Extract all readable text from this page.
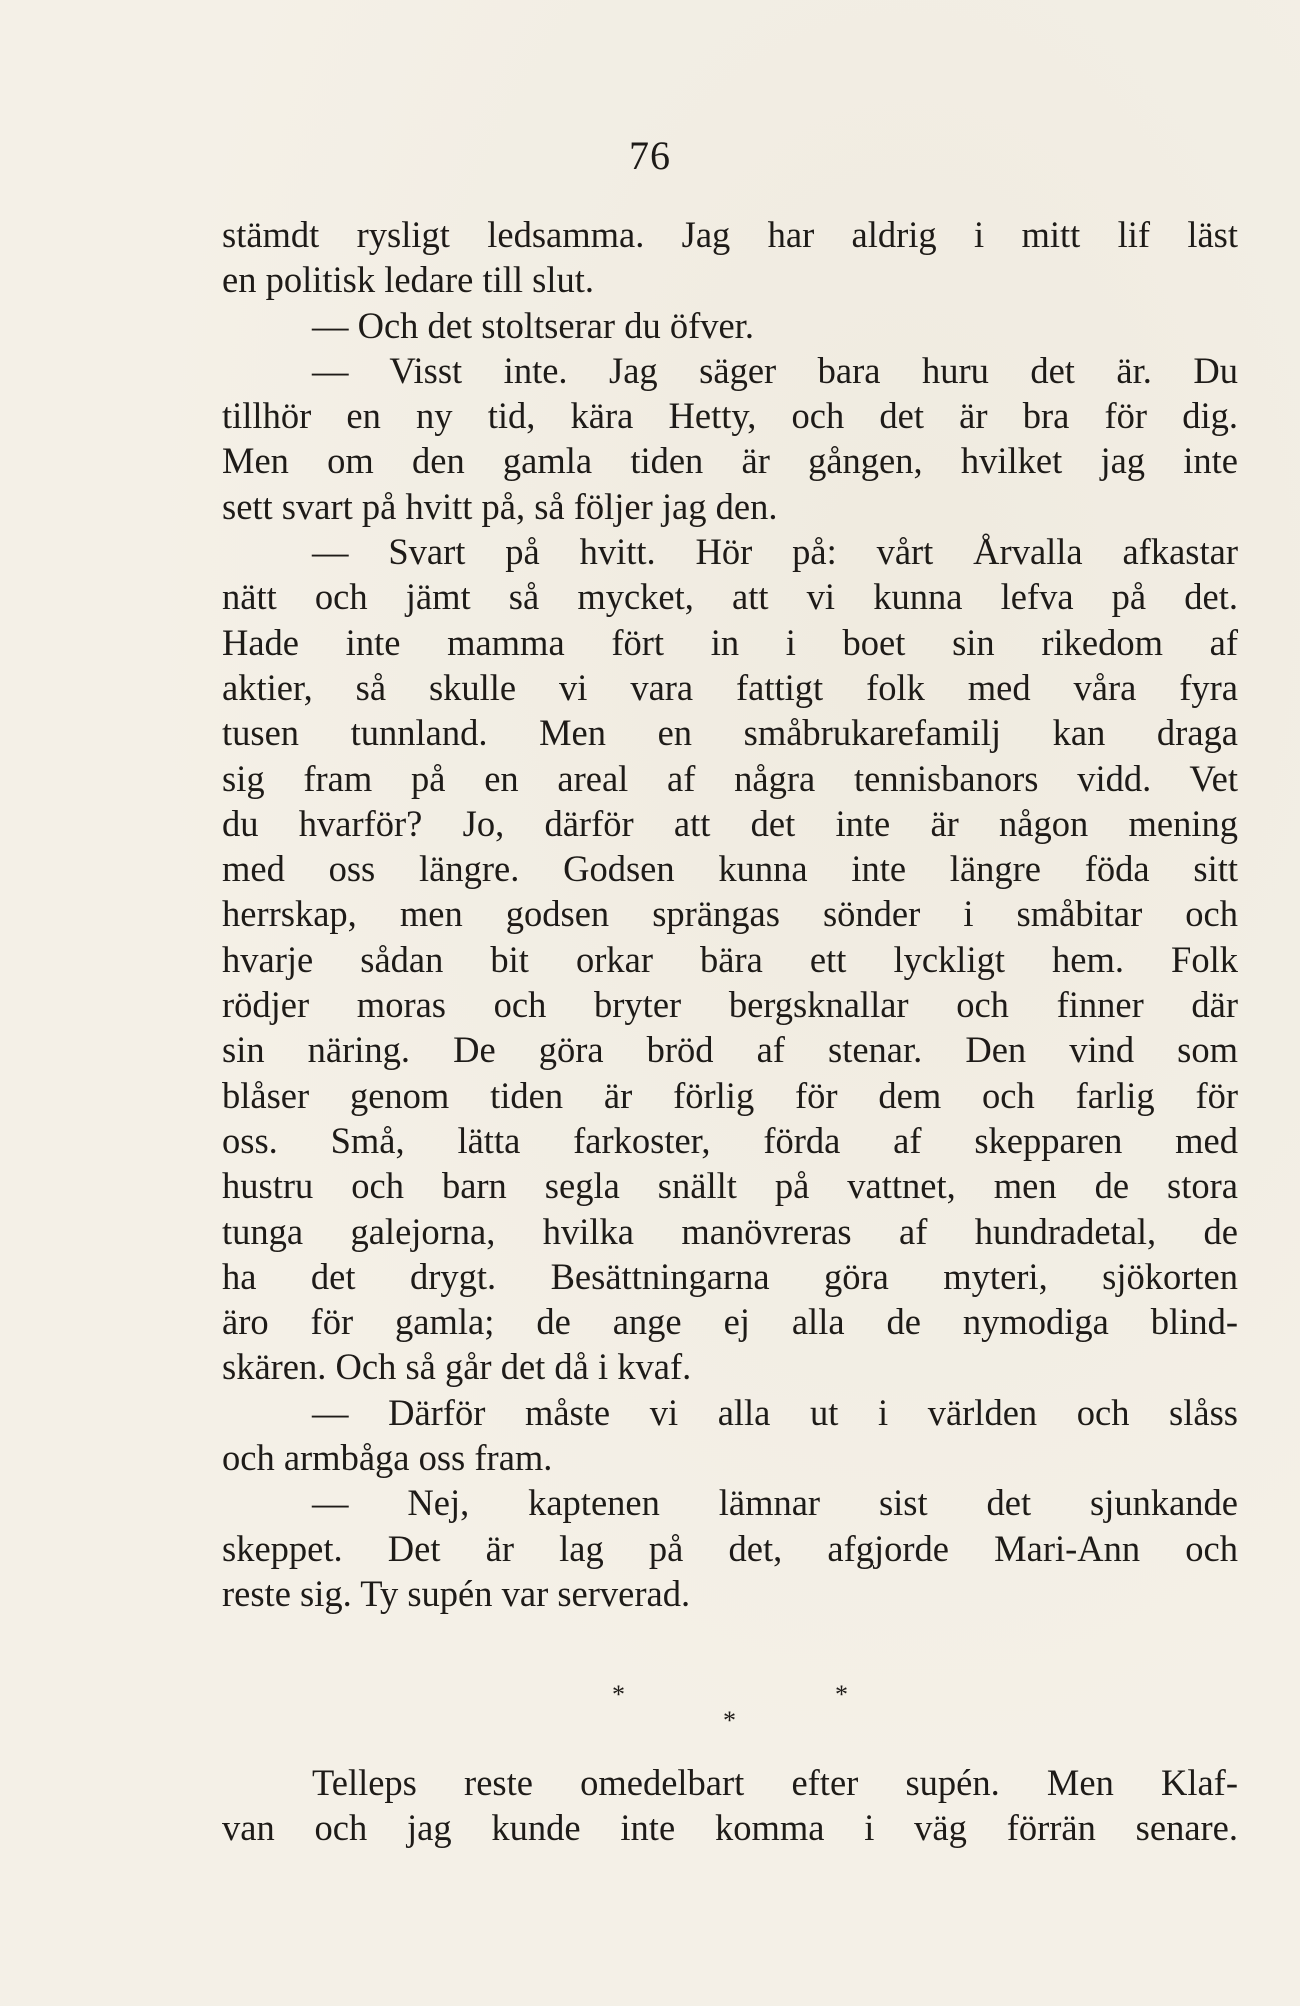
76
stämdt rysligt ledsamma. Jag har aldrig i mitt lif läst
en politisk ledare till slut.
— Och det stoltserar du öfver.
— Visst inte. Jag säger bara huru det är. Du
tillhör en ny tid, kära Hetty, och det är bra för dig.
Men om den gamla tiden är gången, hvilket jag inte
sett svart på hvitt på, så följer jag den.
— Svart på hvitt. Hör på: vårt Årvalla afkastar
nätt och jämt så mycket, att vi kunna lefva på det.
Hade inte mamma fört in i boet sin rikedom af
aktier, så skulle vi vara fattigt folk med våra fyra
tusen tunnland. Men en småbrukarefamilj kan draga
sig fram på en areal af några tennisbanors vidd. Vet
du hvarför? Jo, därför att det inte är någon mening
med oss längre. Godsen kunna inte längre föda sitt
herrskap, men godsen sprängas sönder i småbitar och
hvarje sådan bit orkar bära ett lyckligt hem. Folk
rödjer moras och bryter bergsknallar och finner där
sin näring. De göra bröd af stenar. Den vind som
blåser genom tiden är förlig för dem och farlig för
oss. Små, lätta farkoster, förda af skepparen med
hustru och barn segla snällt på vattnet, men de stora
tunga galejorna, hvilka manövreras af hundradetal, de
ha det drygt. Besättningarna göra myteri, sjökorten
äro för gamla; de ange ej alla de nymodiga blind-
skären. Och så går det då i kvaf.
— Därför måste vi alla ut i världen och slåss
och armbåga oss fram.
— Nej, kaptenen lämnar sist det sjunkande
skeppet. Det är lag på det, afgjorde Mari-Ann och
reste sig. Ty supén var serverad.
*	*
*
Telleps reste omedelbart efter supén. Men Klaf-
van och jag kunde inte komma i väg förrän senare.
